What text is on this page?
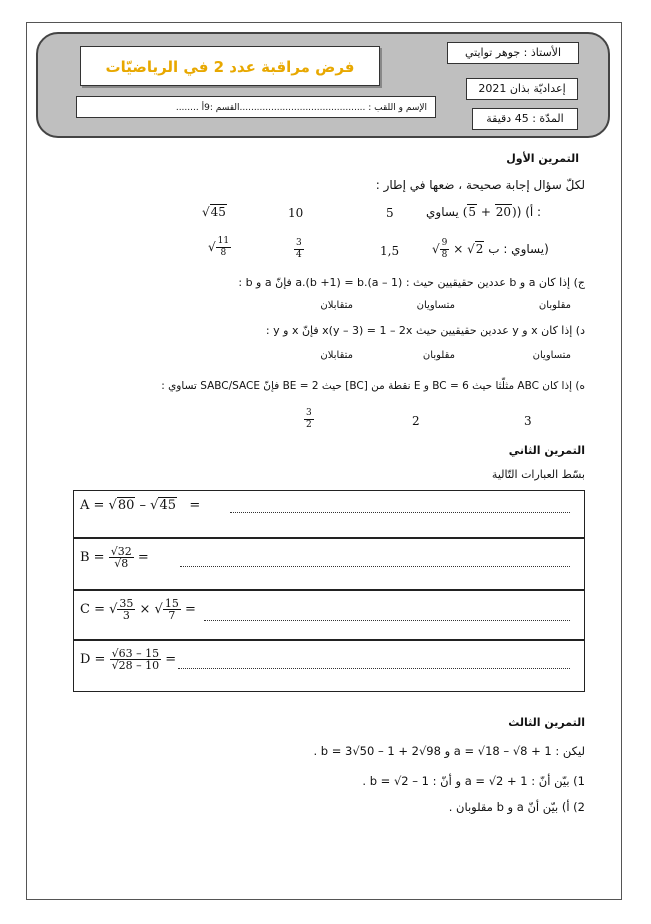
فرض مراقبة عدد 2 في الرياضيّات
الإسم و اللقب : ............................................القسم :9أ ........
الأستاذ : جوهر توايتي
إعداديّة بذان 2021
المدّة : 45 دقيقة
التمرين الأول
لكلّ سؤال إجابة صحيحة ، ضعها في إطار :
أ) ((20 + 5) يساوي :
5
10
√45
√ $\frac{9}{8} \times √2$ يساوي : ب)
1,5
$\frac{3}{4}$
√ $\frac{11}{8}$
ج) إذا كان a و b عددين حقيقيين حيث : a.(b +1) = b.(a – 1) فإنّ a و b :
مقلوبان
متساويان
متقابلان
د) إذا كان x و y عددين حقيقيين حيث x(y – 3) = 1 – 2x فإنّ x و y :
متساويان
مقلوبان
متقابلان
ه) إذا كان ABC مثلّثا حيث BC = 6 و E نقطة من [BC] حيث BE = 2 فإنّ SABC/SACE تساوي :
3
2
$\frac{3}{2}$
التمرين الثاني
بسّط العبارات التّالية
A = √80 – √45   =
$B = \frac{√32}{√8}$ =
C = √ $\frac{35}{3}$ × √ $\frac{15}{7}$ =
$D = \frac{√63 - 15}{√28 - 10}$ =
التمرين الثالث
ليكن : a = √18 – √8 + 1 و b = 3√50 – 1 + 2√98 .
1) بيّن أنّ : a = √2 + 1 و أنّ : b = √2 – 1 .
2) أ) بيّن أنّ a و b مقلوبان .
